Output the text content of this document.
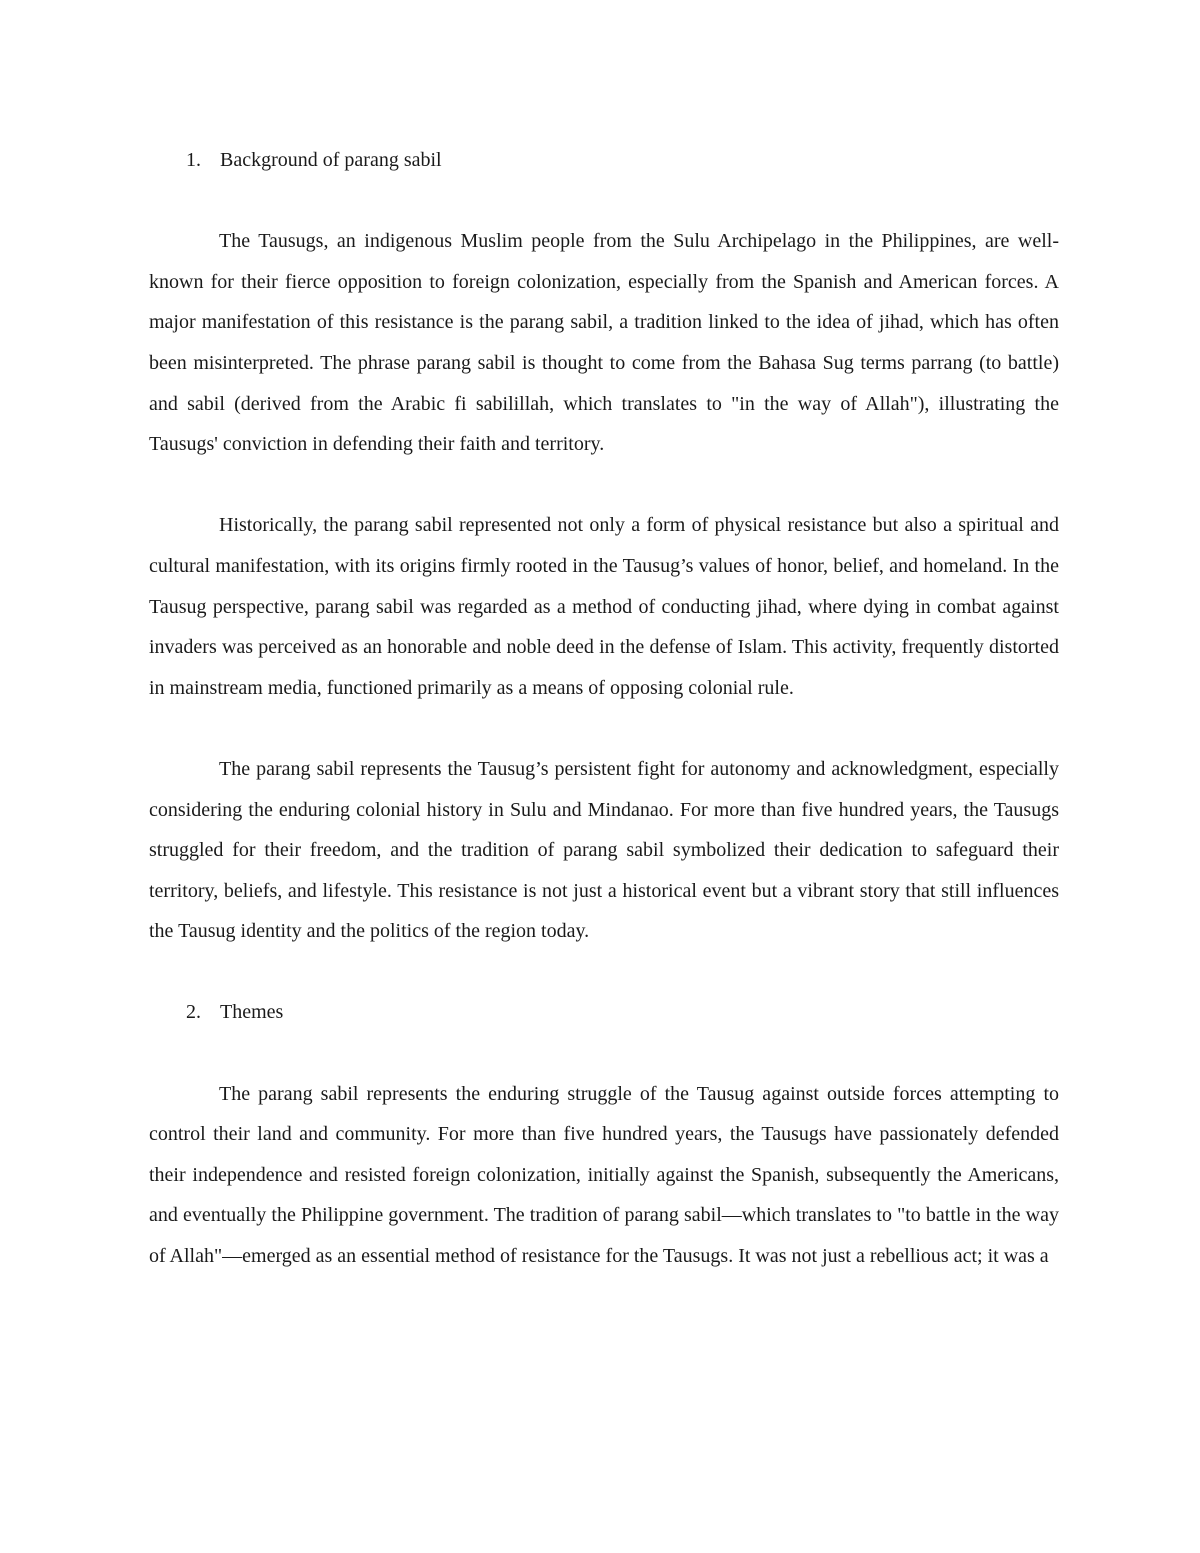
1. Background of parang sabil

The Tausugs, an indigenous Muslim people from the Sulu Archipelago in the Philippines, are well-known for their fierce opposition to foreign colonization, especially from the Spanish and American forces. A major manifestation of this resistance is the parang sabil, a tradition linked to the idea of jihad, which has often been misinterpreted. The phrase parang sabil is thought to come from the Bahasa Sug terms parrang (to battle) and sabil (derived from the Arabic fi sabilillah, which translates to "in the way of Allah"), illustrating the Tausugs' conviction in defending their faith and territory.

Historically, the parang sabil represented not only a form of physical resistance but also a spiritual and cultural manifestation, with its origins firmly rooted in the Tausug’s values of honor, belief, and homeland. In the Tausug perspective, parang sabil was regarded as a method of conducting jihad, where dying in combat against invaders was perceived as an honorable and noble deed in the defense of Islam. This activity, frequently distorted in mainstream media, functioned primarily as a means of opposing colonial rule.

The parang sabil represents the Tausug’s persistent fight for autonomy and acknowledgment, especially considering the enduring colonial history in Sulu and Mindanao. For more than five hundred years, the Tausugs struggled for their freedom, and the tradition of parang sabil symbolized their dedication to safeguard their territory, beliefs, and lifestyle. This resistance is not just a historical event but a vibrant story that still influences the Tausug identity and the politics of the region today.

2. Themes

The parang sabil represents the enduring struggle of the Tausug against outside forces attempting to control their land and community. For more than five hundred years, the Tausugs have passionately defended their independence and resisted foreign colonization, initially against the Spanish, subsequently the Americans, and eventually the Philippine government. The tradition of parang sabil—which translates to "to battle in the way of Allah"—emerged as an essential method of resistance for the Tausugs. It was not just a rebellious act; it was a
